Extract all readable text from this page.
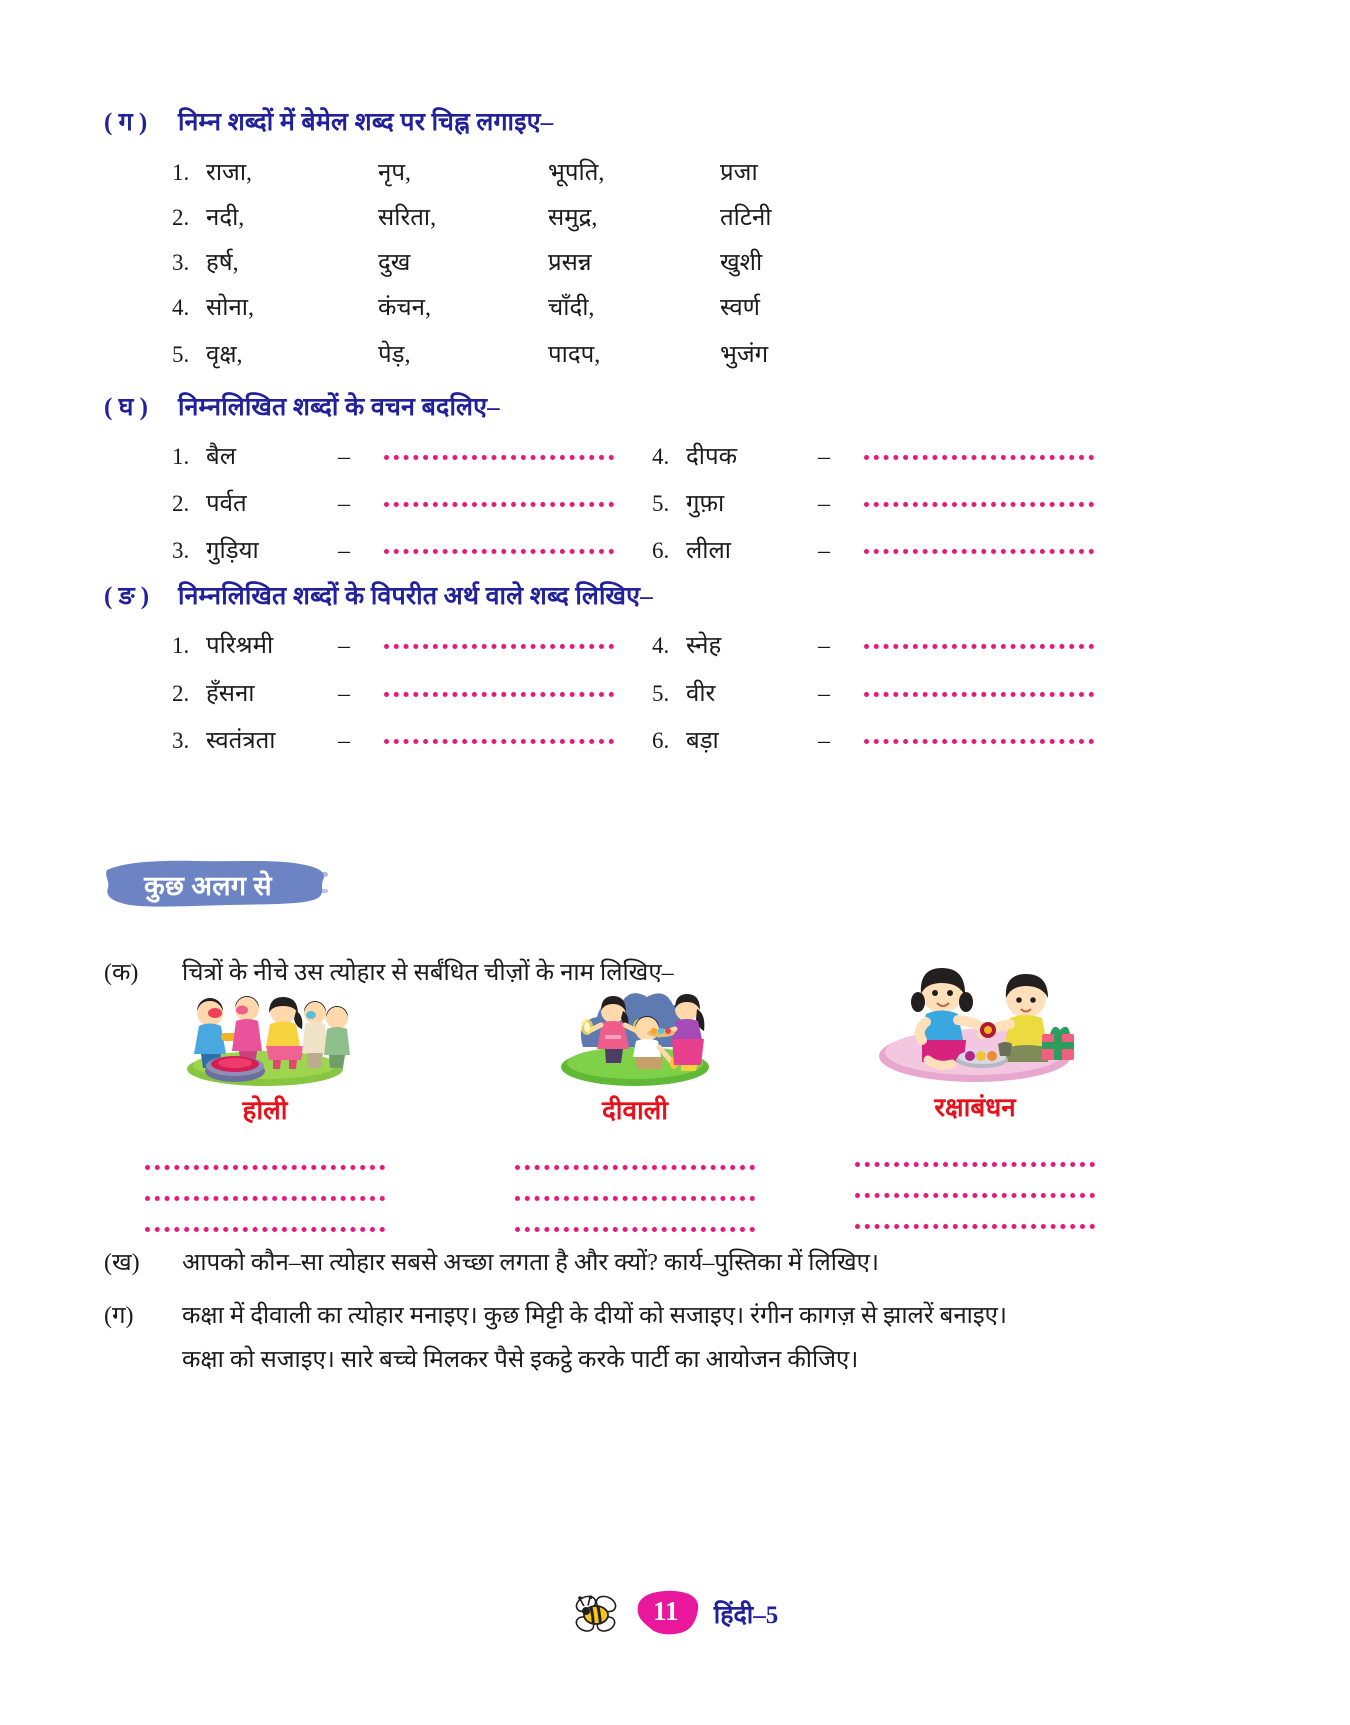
( ग )	निम्न शब्दों में बेमेल शब्द पर चिह्न लगाइए–
1. राजा,	नृप,	भूपति,	प्रजा
2. नदी,	सरिता,	समुद्र,	तटिनी
3. हर्ष,	दुख	प्रसन्न	खुशी
4. सोना,	कंचन,	चाँदी,	स्वर्ण
5. वृक्ष,	पेड़,	पादप,	भुजंग
( घ )	निम्नलिखित शब्दों के वचन बदलिए–
1. बैल	–	4. दीपक	–
2. पर्वत	–	5. गुफ़ा	–
3. गुड़िया	–	6. लीला	–
( ङ )	निम्नलिखित शब्दों के विपरीत अर्थ वाले शब्द लिखिए–
1. परिश्रमी	–	4. स्नेह	–
2. हँसना	–	5. वीर	–
3. स्वतंत्रता	–	6. बड़ा	–
कुछ अलग से
(क)	चित्रों के नीचे उस त्योहार से सर्बंधित चीज़ों के नाम लिखिए–
होली	दीवाली	रक्षाबंधन
(ख)	आपको कौन–सा त्योहार सबसे अच्छा लगता है और क्यों? कार्य–पुस्तिका में लिखिए।
(ग) कक्षा में दीवाली का त्योहार मनाइए। कुछ मिट्टी के दीयों को सजाइए। रंगीन कागज़ से झालरें बनाइए।
कक्षा को सजाइए। सारे बच्चे मिलकर पैसे इकट्ठे करके पार्टी का आयोजन कीजिए।
11 हिंदी–5
